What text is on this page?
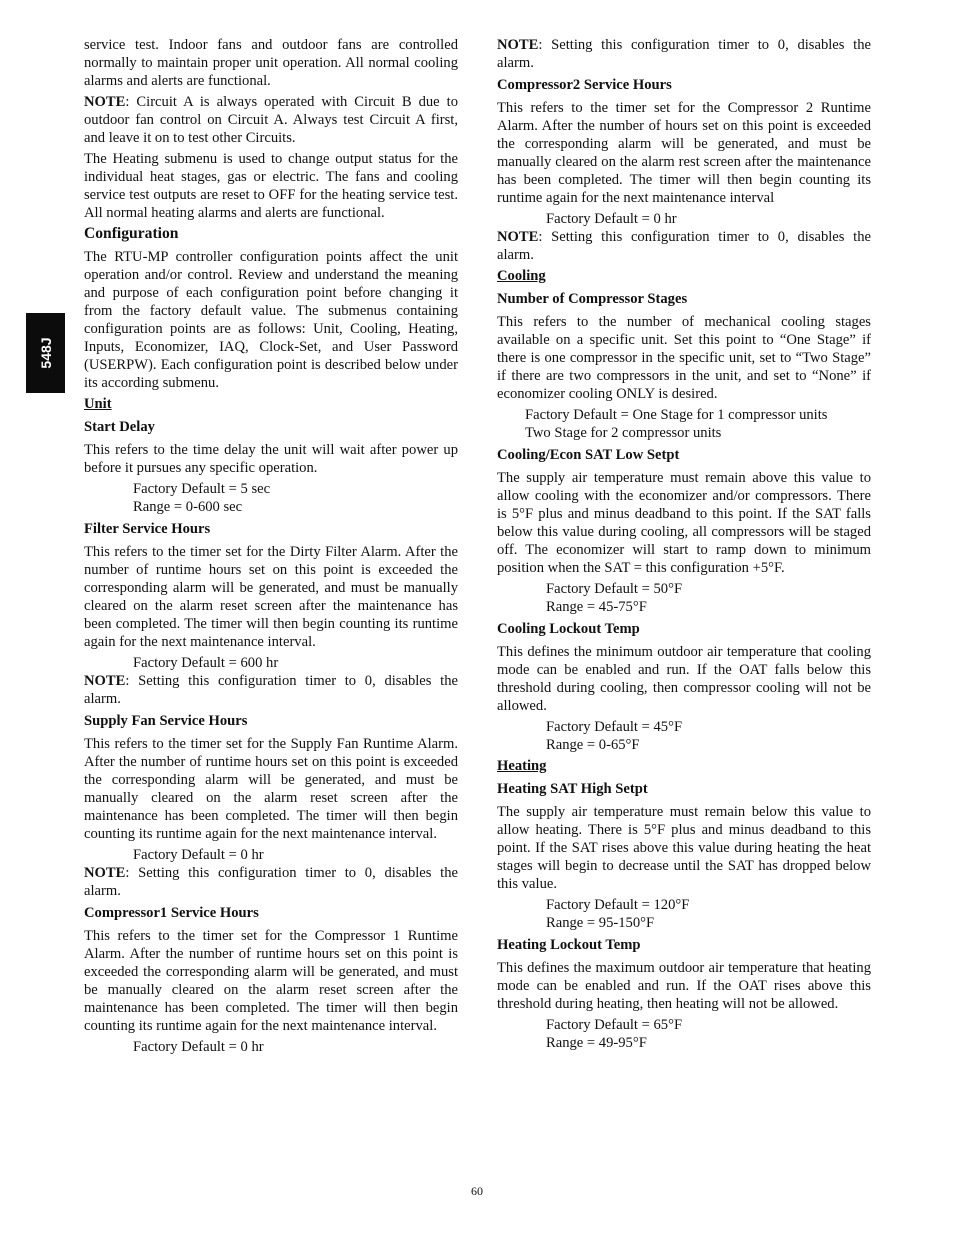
548J

service test. Indoor fans and outdoor fans are controlled normally to maintain proper unit operation. All normal cooling alarms and alerts are functional.

NOTE: Circuit A is always operated with Circuit B due to outdoor fan control on Circuit A. Always test Circuit A first, and leave it on to test other Circuits.

The Heating submenu is used to change output status for the individual heat stages, gas or electric. The fans and cooling service test outputs are reset to OFF for the heating service test. All normal heating alarms and alerts are functional.

Configuration

The RTU-MP controller configuration points affect the unit operation and/or control. Review and understand the meaning and purpose of each configuration point before changing it from the factory default value. The submenus containing configuration points are as follows: Unit, Cooling, Heating, Inputs, Economizer, IAQ, Clock-Set, and User Password (USERPW). Each configuration point is described below under its according submenu.

Unit
Start Delay

This refers to the time delay the unit will wait after power up before it pursues any specific operation.

Factory Default = 5 sec

Range = 0-600 sec

Filter Service Hours

This refers to the timer set for the Dirty Filter Alarm. After the number of runtime hours set on this point is exceeded the corresponding alarm will be generated, and must be manually cleared on the alarm reset screen after the maintenance has been completed. The timer will then begin counting its runtime again for the next maintenance interval.

Factory Default = 600 hr

NOTE: Setting this configuration timer to 0, disables the alarm.

Supply Fan Service Hours

This refers to the timer set for the Supply Fan Runtime Alarm. After the number of runtime hours set on this point is exceeded the corresponding alarm will be generated, and must be manually cleared on the alarm reset screen after the maintenance has been completed. The timer will then begin counting its runtime again for the next maintenance interval.

Factory Default = 0 hr

NOTE: Setting this configuration timer to 0, disables the alarm.

Compressor1 Service Hours

This refers to the timer set for the Compressor 1 Runtime Alarm. After the number of runtime hours set on this point is exceeded the corresponding alarm will be generated, and must be manually cleared on the alarm reset screen after the maintenance has been completed. The timer will then begin counting its runtime again for the next maintenance interval.

Factory Default = 0 hr

NOTE: Setting this configuration timer to 0, disables the alarm.

Compressor2 Service Hours

This refers to the timer set for the Compressor 2 Runtime Alarm. After the number of hours set on this point is exceeded the corresponding alarm will be generated, and must be manually cleared on the alarm rest screen after the maintenance has been completed. The timer will then begin counting its runtime again for the next maintenance interval

Factory Default = 0 hr

NOTE: Setting this configuration timer to 0, disables the alarm.

Cooling
Number of Compressor Stages

This refers to the number of mechanical cooling stages available on a specific unit. Set this point to “One Stage” if there is one compressor in the specific unit, set to “Two Stage” if there are two compressors in the unit, and set to “None” if economizer cooling ONLY is desired.

Factory Default = One Stage for 1 compressor units

Two Stage for 2 compressor units

Cooling/Econ SAT Low Setpt

The supply air temperature must remain above this value to allow cooling with the economizer and/or compressors. There is 5°F plus and minus deadband to this point. If the SAT falls below this value during cooling, all compressors will be staged off. The economizer will start to ramp down to minimum position when the SAT = this configuration +5°F.

Factory Default = 50°F

Range = 45-75°F

Cooling Lockout Temp

This defines the minimum outdoor air temperature that cooling mode can be enabled and run. If the OAT falls below this threshold during cooling, then compressor cooling will not be allowed.

Factory Default = 45°F

Range = 0-65°F

Heating
Heating SAT High Setpt

The supply air temperature must remain below this value to allow heating. There is 5°F plus and minus deadband to this point. If the SAT rises above this value during heating the heat stages will begin to decrease until the SAT has dropped below this value.

Factory Default = 120°F

Range = 95-150°F

Heating Lockout Temp

This defines the maximum outdoor air temperature that heating mode can be enabled and run. If the OAT rises above this threshold during heating, then heating will not be allowed.

Factory Default = 65°F

Range = 49-95°F

60
